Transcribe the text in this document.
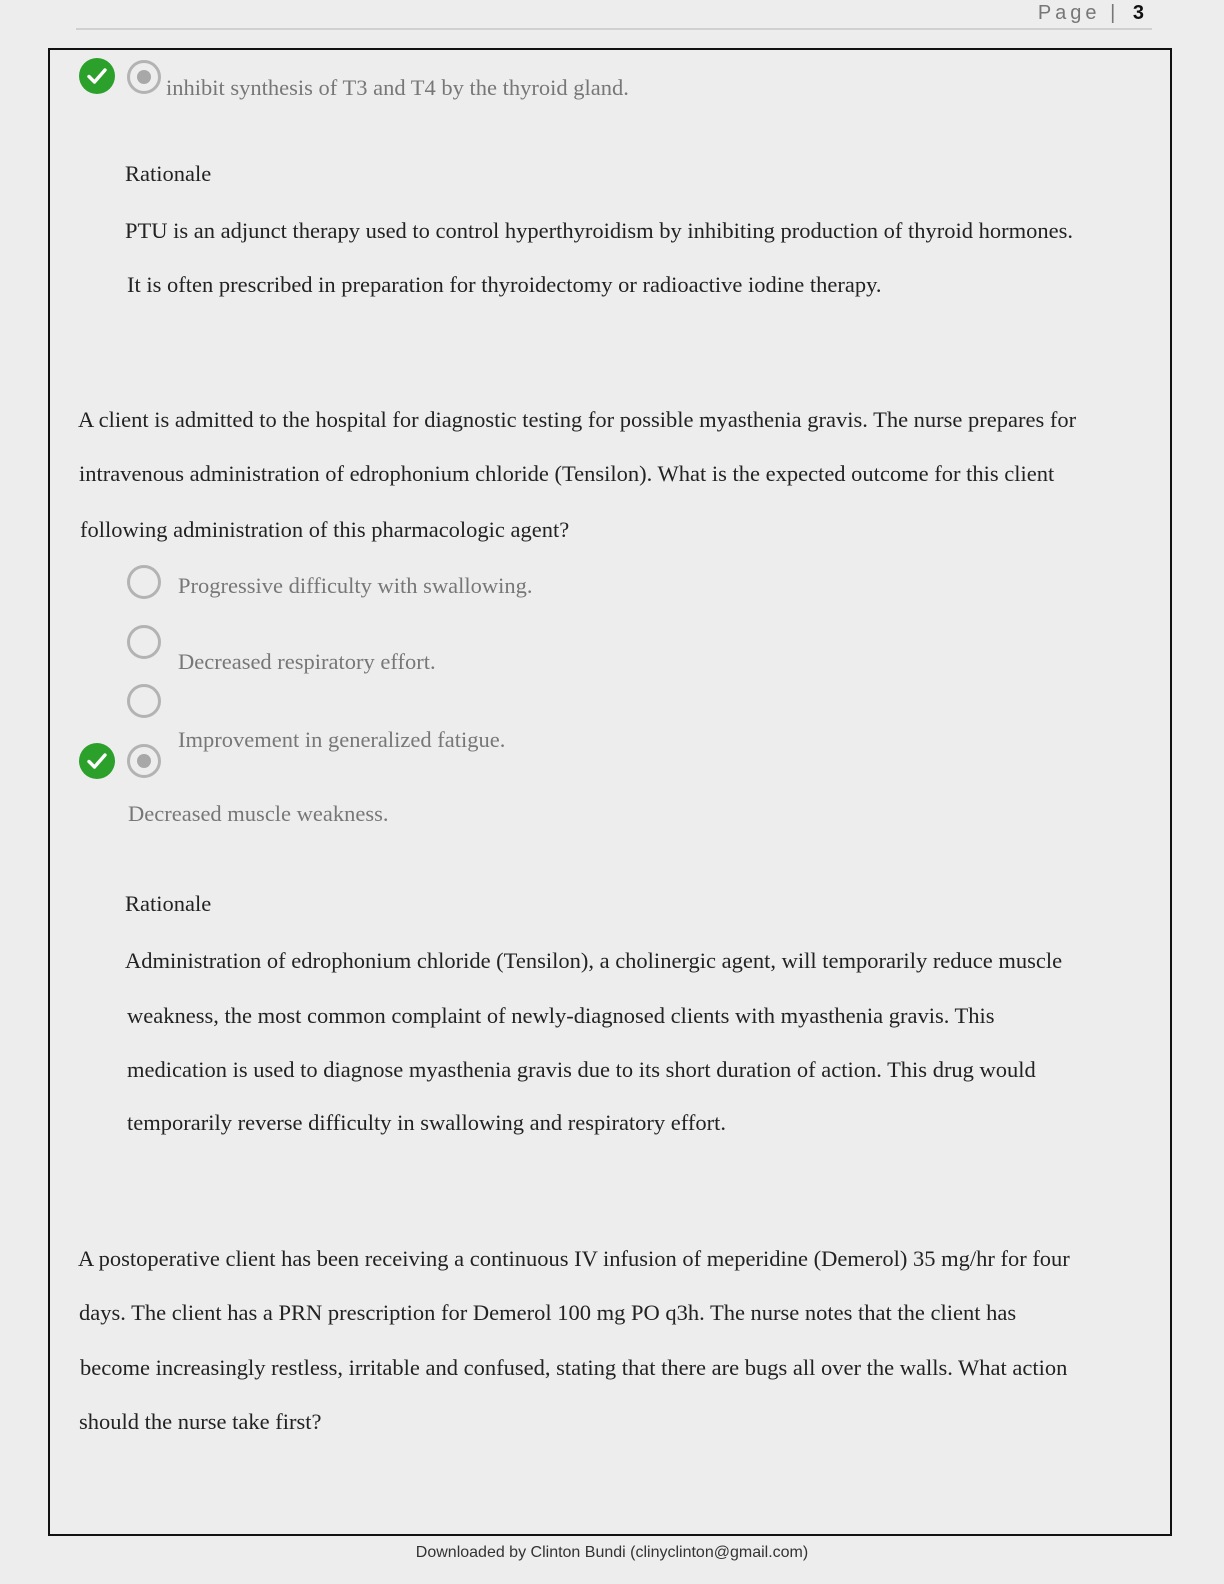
Page | 3
inhibit synthesis of T3 and T4 by the thyroid gland.
Rationale
PTU is an adjunct therapy used to control hyperthyroidism by inhibiting production of thyroid hormones.
It is often prescribed in preparation for thyroidectomy or radioactive iodine therapy.
A client is admitted to the hospital for diagnostic testing for possible myasthenia gravis. The nurse prepares for
intravenous administration of edrophonium chloride (Tensilon). What is the expected outcome for this client
following administration of this pharmacologic agent?
Progressive difficulty with swallowing.
Decreased respiratory effort.
Improvement in generalized fatigue.
Decreased muscle weakness.
Rationale
Administration of edrophonium chloride (Tensilon), a cholinergic agent, will temporarily reduce muscle
weakness, the most common complaint of newly-diagnosed clients with myasthenia gravis. This
medication is used to diagnose myasthenia gravis due to its short duration of action. This drug would
temporarily reverse difficulty in swallowing and respiratory effort.
A postoperative client has been receiving a continuous IV infusion of meperidine (Demerol) 35 mg/hr for four
days. The client has a PRN prescription for Demerol 100 mg PO q3h. The nurse notes that the client has
become increasingly restless, irritable and confused, stating that there are bugs all over the walls. What action
should the nurse take first?
Downloaded by Clinton Bundi (clinyclinton@gmail.com)
